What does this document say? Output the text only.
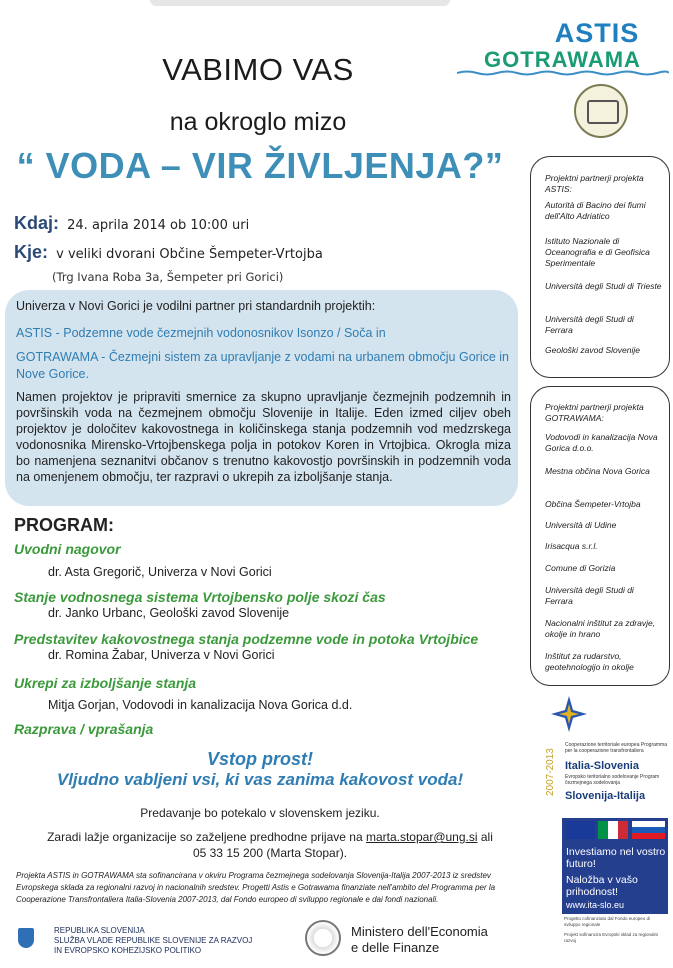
ASTIS
GOTRAWAMA
VABIMO VAS
na okroglo mizo
“ VODA – VIR ŽIVLJENJA?”
Kdaj: 24. aprila 2014 ob 10:00 uri
Kje: v veliki dvorani Občine Šempeter-Vrtojba
(Trg Ivana Roba 3a, Šempeter pri Gorici)
Univerza v Novi Gorici je vodilni partner pri standardnih projektih:
ASTIS - Podzemne vode čezmejnih vodonosnikov Isonzo / Soča in
GOTRAWAMA - Čezmejni sistem za upravljanje z vodami na urbanem območju Gorice in Nove Gorice.
Namen projektov je pripraviti smernice za skupno upravljanje čezmejnih podzemnih in površinskih voda na čezmejnem območju Slovenije in Italije. Eden izmed ciljev obeh projektov je določitev kakovostnega in količinskega stanja podzemnih vod medzrskega vodonosnika Mirensko-Vrtojbenskega polja in potokov Koren in Vrtojbica. Okrogla miza bo namenjena seznanitvi občanov s trenutno kakovostjo površinskih in podzemnih voda na omenjenem območju, ter razpravi o ukrepih za izboljšanje stanja.
PROGRAM:
Uvodni nagovor
dr. Asta Gregorič, Univerza v Novi Gorici
Stanje vodnosnega sistema Vrtojbensko polje skozi čas
dr. Janko Urbanc, Geološki zavod Slovenije
Predstavitev kakovostnega stanja podzemne vode in potoka Vrtojbice
dr. Romina Žabar, Univerza v Novi Gorici
Ukrepi za izboljšanje stanja
Mitja Gorjan, Vodovodi in kanalizacija Nova Gorica d.d.
Razprava / vprašanja
Vstop prost!
Vljudno vabljeni vsi, ki vas zanima kakovost voda!
Predavanje bo potekalo v slovenskem jeziku.
Zaradi lažje organizacije so zaželjene predhodne prijave na marta.stopar@ung.si ali 05 33 15 200 (Marta Stopar).
Projekta ASTIS in GOTRAWAMA sta sofinancirana v okviru Programa čezmejnega sodelovanja Slovenija-Italija 2007-2013 iz sredstev Evropskega sklada za regionalni razvoj in nacionalnih sredstev. Progetti Astis e Gotrawama finanziate nell'ambito del Programma per la Cooperazione Transfrontaliera Italia-Slovenia 2007-2013, dal Fondo europeo di sviluppo regionale e dai fondi nazionali.
REPUBLIKA SLOVENIJA
SLUŽBA VLADE REPUBLIKE SLOVENIJE ZA RAZVOJ
IN EVROPSKO KOHEZIJSKO POLITIKO
Ministero dell'Economia
e delle Finanze
Projektni partnerji projekta ASTIS:
Autorità di Bacino dei fiumi dell'Alto Adriatico
Istituto Nazionale di Oceanografia e di Geofisica Sperimentale
Università degli Studi di Trieste
Università degli Studi di Ferrara
Geološki zavod Slovenije
Projektni partnerji projekta GOTRAWAMA:
Vodovodi in kanalizacija Nova Gorica d.o.o.
Mestna občina Nova Gorica
Občina Šempeter-Vrtojba
Università di Udine
Irisacqua s.r.l.
Comune di Gorizia
Università degli Studi di Ferrara
Nacionalni inštitut za zdravje, okolje in hrano
Inštitut za rudarstvo, geotehnologijo in okolje
2007-2013
Cooperazione territoriale europea Programma per la cooperazione transfrontaliera
Italia-Slovenia
Evropsko teritorialno sodelovanje Program čezmejnega sodelovanja
Slovenija-Italija
Investiamo nel vostro futuro!
Naložba v vašo prihodnost!
www.ita-slo.eu
Progetto cofinanziato dal Fondo europeo di sviluppo regionale
Projekt sofinancira Evropski sklad za regionalni razvoj
